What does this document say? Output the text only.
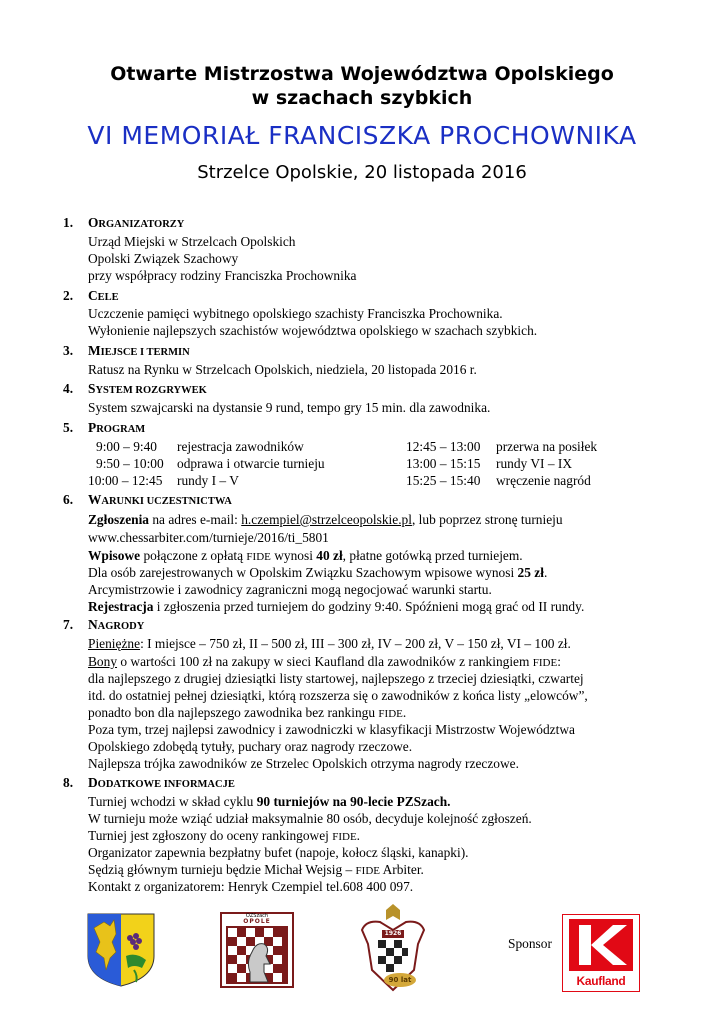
Otwarte Mistrzostwa Województwa Opolskiego
w szachach szybkich
VI MEMORIAŁ FRANCISZKA PROCHOWNIKA
Strzelce Opolskie, 20 listopada 2016
1. ORGANIZATORZY
Urząd Miejski w Strzelcach Opolskich
Opolski Związek Szachowy
przy współpracy rodziny Franciszka Prochownika
2. CELE
Uczczenie pamięci wybitnego opolskiego szachisty Franciszka Prochownika.
Wyłonienie najlepszych szachistów województwa opolskiego w szachach szybkich.
3. MIEJSCE I TERMIN
Ratusz na Rynku w Strzelcach Opolskich, niedziela, 20 listopada 2016 r.
4. SYSTEM ROZGRYWEK
System szwajcarski na dystansie 9 rund, tempo gry 15 min. dla zawodnika.
5. PROGRAM
9:00 – 9:40 rejestracja zawodników
9:50 – 10:00 odprawa i otwarcie turnieju
10:00 – 12:45 rundy I – V
12:45 – 13:00 przerwa na posiłek
13:00 – 15:15 rundy VI – IX
15:25 – 15:40 wręczenie nagród
6. WARUNKI UCZESTNICTWA
Zgłoszenia na adres e-mail: h.czempiel@strzelceopolskie.pl, lub poprzez stronę turnieju
www.chessarbiter.com/turnieje/2016/ti_5801
Wpisowe połączone z opłatą FIDE wynosi 40 zł, płatne gotówką przed turniejem.
Dla osób zarejestrowanych w Opolskim Związku Szachowym wpisowe wynosi 25 zł.
Arcymistrzowie i zawodnicy zagraniczni mogą negocjować warunki startu.
Rejestracja i zgłoszenia przed turniejem do godziny 9:40. Spóźnieni mogą grać od II rundy.
7. NAGRODY
Pieniężne: I miejsce – 750 zł, II – 500 zł, III – 300 zł, IV – 200 zł, V – 150 zł, VI – 100 zł.
Bony o wartości 100 zł na zakupy w sieci Kaufland dla zawodników z rankingiem FIDE:
dla najlepszego z drugiej dziesiątki listy startowej, najlepszego z trzeciej dziesiątki, czwartej
itd. do ostatniej pełnej dziesiątki, którą rozszerza się o zawodników z końca listy „elowców”,
ponadto bon dla najlepszego zawodnika bez rankingu FIDE.
Poza tym, trzej najlepsi zawodnicy i zawodniczki w klasyfikacji Mistrzostw Województwa
Opolskiego zdobędą tytuły, puchary oraz nagrody rzeczowe.
Najlepsza trójka zawodników ze Strzelec Opolskich otrzyma nagrody rzeczowe.
8. DODATKOWE INFORMACJE
Turniej wchodzi w skład cyklu 90 turniejów na 90-lecie PZSzach.
W turnieju może wziąć udział maksymalnie 80 osób, decyduje kolejność zgłoszeń.
Turniej jest zgłoszony do oceny rankingowej FIDE.
Organizator zapewnia bezpłatny bufet (napoje, kołocz śląski, kanapki).
Sędzią głównym turnieju będzie Michał Wejsig – FIDE Arbiter.
Kontakt z organizatorem: Henryk Czempiel tel.608 400 097.
OZSzach
OPOLE
1926
90 lat
Sponsor
Kaufland
